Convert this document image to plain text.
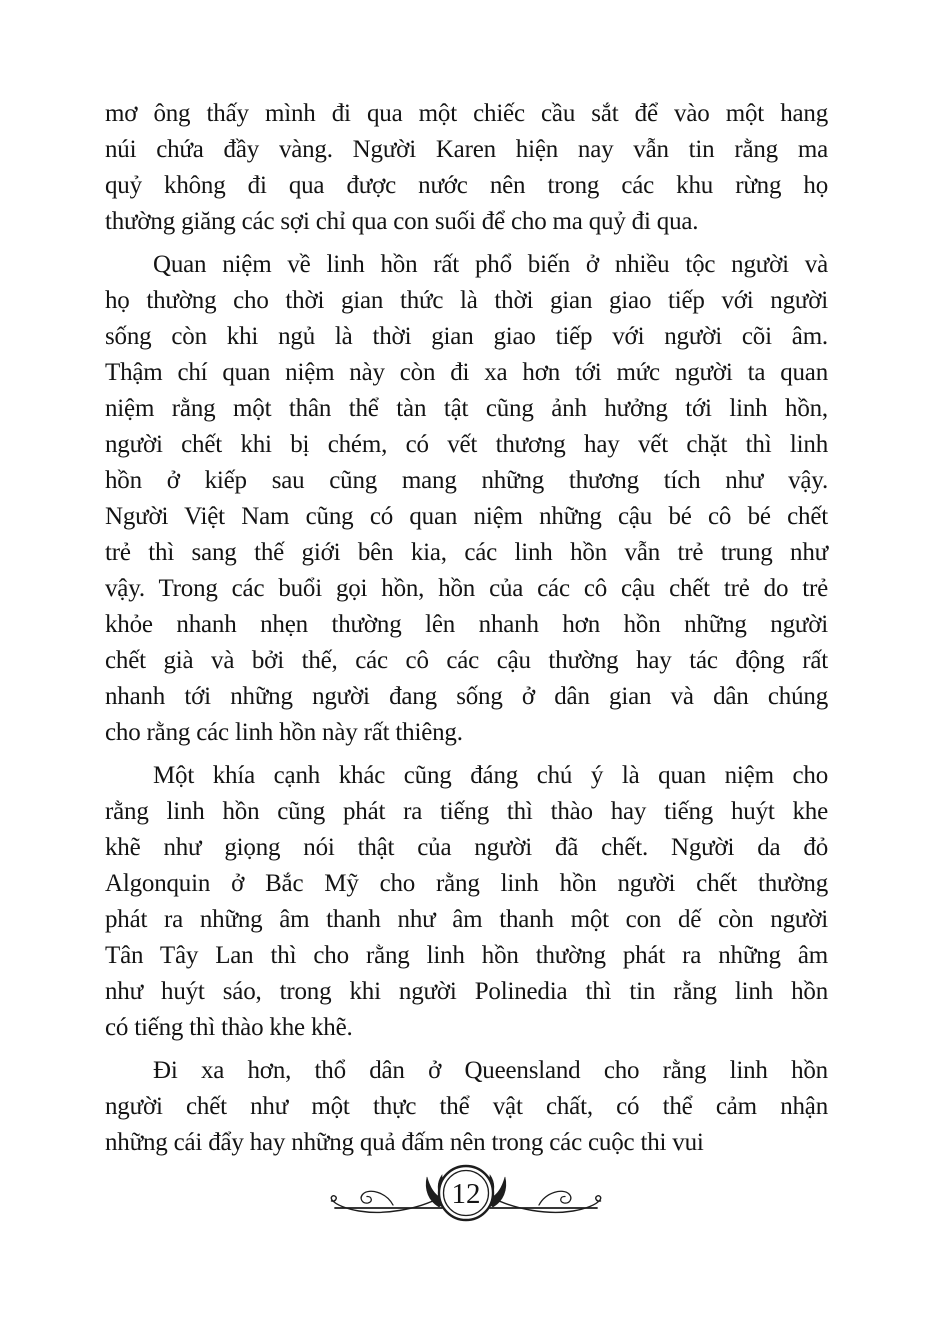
mơ ông thấy mình đi qua một chiếc cầu sắt để vào một hang
núi chứa đầy vàng. Người Karen hiện nay vẫn tin rằng ma
quỷ không đi qua được nước nên trong các khu rừng họ
thường giăng các sợi chỉ qua con suối để cho ma quỷ đi qua.
Quan niệm về linh hồn rất phổ biến ở nhiều tộc người và
họ thường cho thời gian thức là thời gian giao tiếp với người
sống còn khi ngủ là thời gian giao tiếp với người cõi âm.
Thậm chí quan niệm này còn đi xa hơn tới mức người ta quan
niệm rằng một thân thể tàn tật cũng ảnh hưởng tới linh hồn,
người chết khi bị chém, có vết thương hay vết chặt thì linh
hồn ở kiếp sau cũng mang những thương tích như vậy.
Người Việt Nam cũng có quan niệm những cậu bé cô bé chết
trẻ thì sang thế giới bên kia, các linh hồn vẫn trẻ trung như
vậy. Trong các buổi gọi hồn, hồn của các cô cậu chết trẻ do trẻ
khỏe nhanh nhẹn thường lên nhanh hơn hồn những người
chết già và bởi thế, các cô các cậu thường hay tác động rất
nhanh tới những người đang sống ở dân gian và dân chúng
cho rằng các linh hồn này rất thiêng.
Một khía cạnh khác cũng đáng chú ý là quan niệm cho
rằng linh hồn cũng phát ra tiếng thì thào hay tiếng huýt khe
khẽ như giọng nói thật của người đã chết. Người da đỏ
Algonquin ở Bắc Mỹ cho rằng linh hồn người chết thường
phát ra những âm thanh như âm thanh một con dế còn người
Tân Tây Lan thì cho rằng linh hồn thường phát ra những âm
như huýt sáo, trong khi người Polinedia thì tin rằng linh hồn
có tiếng thì thào khe khẽ.
Đi xa hơn, thổ dân ở Queensland cho rằng linh hồn
người chết như một thực thể vật chất, có thể cảm nhận
những cái đẩy hay những quả đấm nên trong các cuộc thi vui
12
